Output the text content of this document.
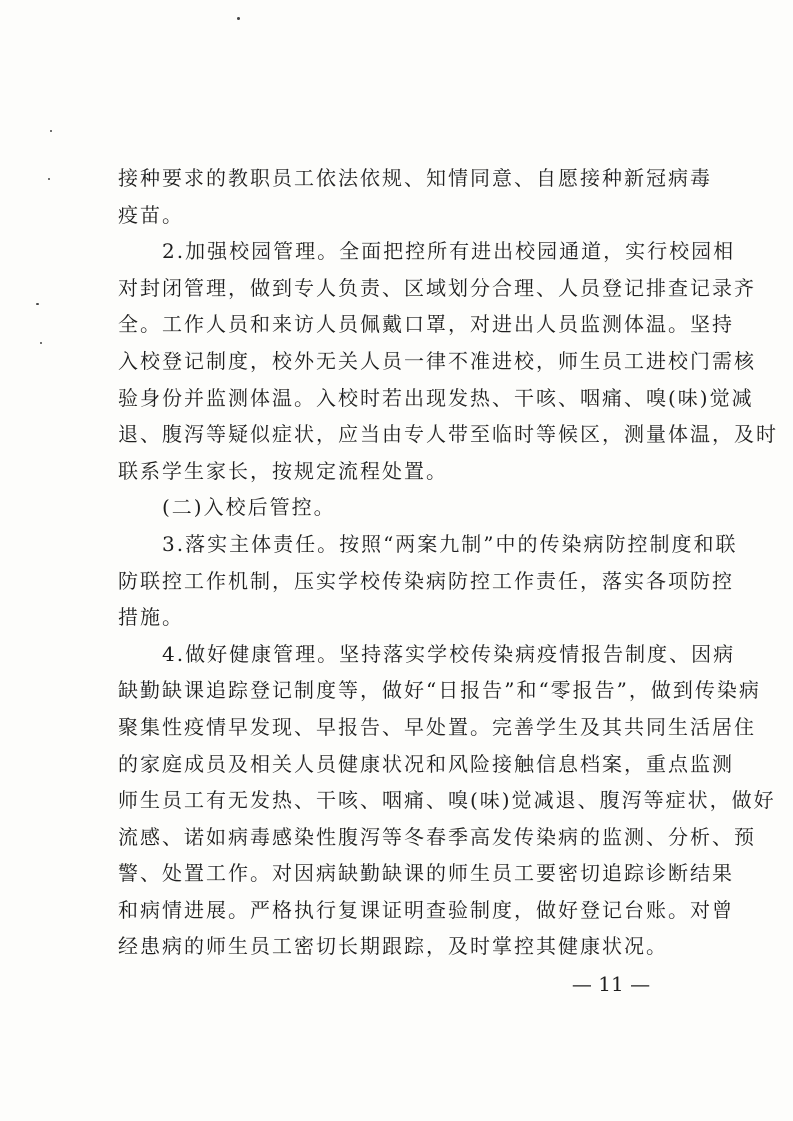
接种要求的教职员工依法依规、知情同意、自愿接种新冠病毒
疫苗。

2.加强校园管理。全面把控所有进出校园通道，实行校园相
对封闭管理，做到专人负责、区域划分合理、人员登记排查记录齐
全。工作人员和来访人员佩戴口罩，对进出人员监测体温。坚持
入校登记制度，校外无关人员一律不准进校，师生员工进校门需核
验身份并监测体温。入校时若出现发热、干咳、咽痛、嗅(味)觉减
退、腹泻等疑似症状，应当由专人带至临时等候区，测量体温，及时
联系学生家长，按规定流程处置。

(二)入校后管控。

3.落实主体责任。按照“两案九制”中的传染病防控制度和联
防联控工作机制，压实学校传染病防控工作责任，落实各项防控
措施。

4.做好健康管理。坚持落实学校传染病疫情报告制度、因病
缺勤缺课追踪登记制度等，做好“日报告”和“零报告”，做到传染病
聚集性疫情早发现、早报告、早处置。完善学生及其共同生活居住
的家庭成员及相关人员健康状况和风险接触信息档案，重点监测
师生员工有无发热、干咳、咽痛、嗅(味)觉减退、腹泻等症状，做好
流感、诺如病毒感染性腹泻等冬春季高发传染病的监测、分析、预
警、处置工作。对因病缺勤缺课的师生员工要密切追踪诊断结果
和病情进展。严格执行复课证明查验制度，做好登记台账。对曾
经患病的师生员工密切长期跟踪，及时掌控其健康状况。

— 11 —
